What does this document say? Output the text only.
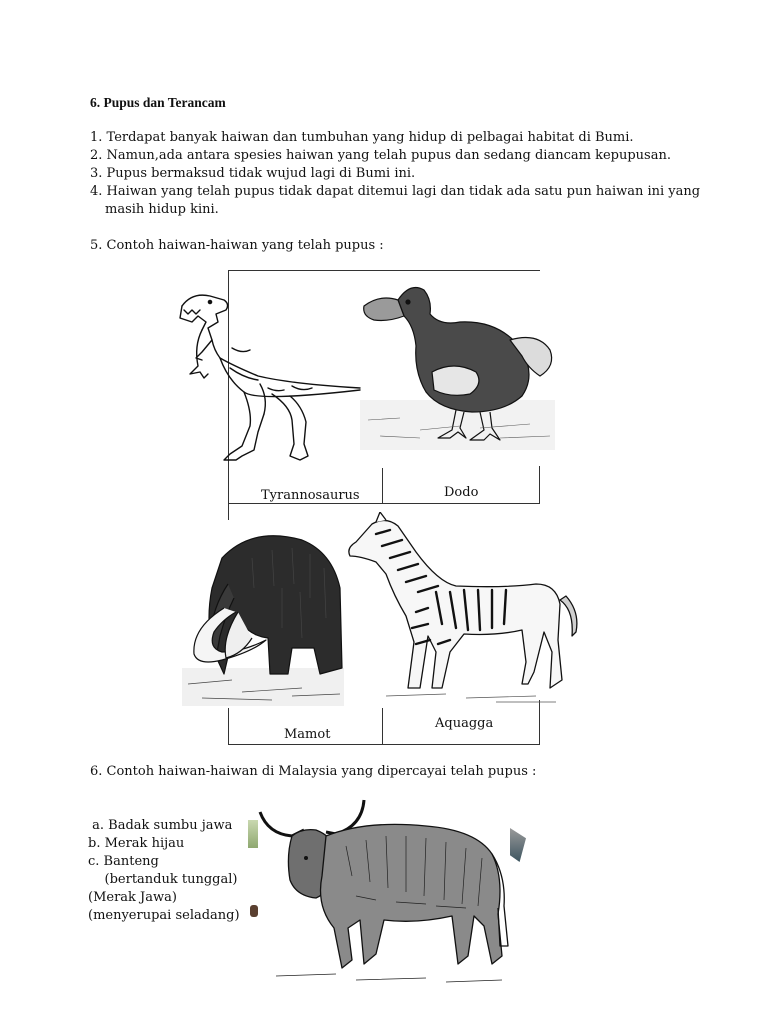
6. Pupus dan Terancam
1. Terdapat banyak haiwan dan tumbuhan yang hidup di pelbagai habitat di Bumi.
2. Namun,ada antara spesies haiwan yang telah pupus dan sedang diancam kepupusan.
3. Pupus bermaksud tidak wujud lagi di Bumi ini.
4. Haiwan yang telah pupus tidak dapat ditemui lagi dan tidak ada satu pun haiwan ini yang
masih hidup kini.
5. Contoh haiwan-haiwan yang telah pupus :
Tyrannosaurus	Dodo
Mamot
Aquagga
6. Contoh haiwan-haiwan di Malaysia yang dipercayai telah pupus :
a. Badak sumbu jawa
b. Merak hijau
c. Banteng
(bertanduk tunggal)
(Merak Jawa)
(menyerupai seladang)
